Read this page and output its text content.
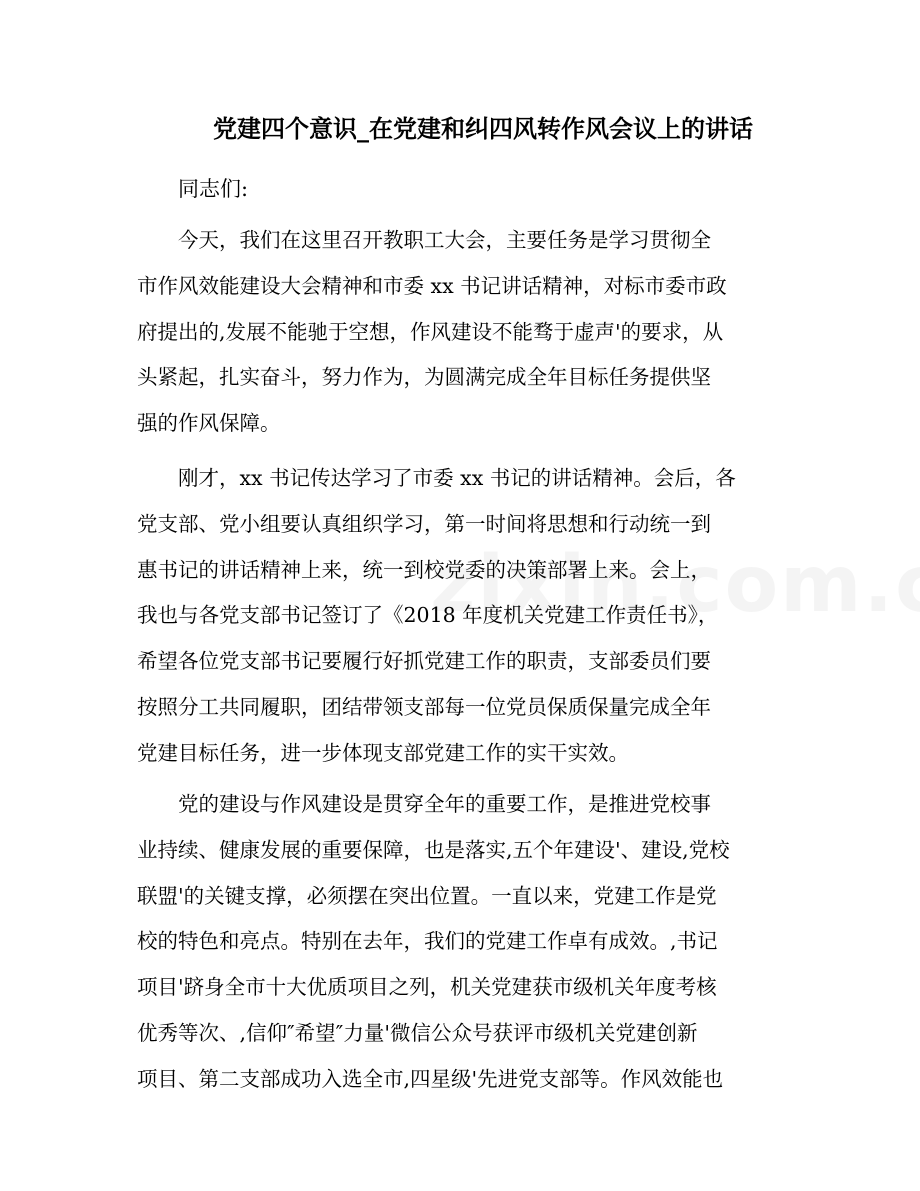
党建四个意识_在党建和纠四风转作风会议上的讲话

同志们:

今天，我们在这里召开教职工大会，主要任务是学习贯彻全
市作风效能建设大会精神和市委 xx 书记讲话精神，对标市委市政
府提出的,发展不能驰于空想，作风建设不能骛于虚声'的要求，从
头紧起，扎实奋斗，努力作为，为圆满完成全年目标任务提供坚
强的作风保障。
刚才，xx 书记传达学习了市委 xx 书记的讲话精神。会后，各
党支部、党小组要认真组织学习，第一时间将思想和行动统一到
惠书记的讲话精神上来，统一到校党委的决策部署上来。会上，
我也与各党支部书记签订了《2018 年度机关党建工作责任书》，
希望各位党支部书记要履行好抓党建工作的职责，支部委员们要
按照分工共同履职，团结带领支部每一位党员保质保量完成全年
党建目标任务，进一步体现支部党建工作的实干实效。
党的建设与作风建设是贯穿全年的重要工作，是推进党校事
业持续、健康发展的重要保障，也是落实,五个年建设'、建设,党校
联盟'的关键支撑，必须摆在突出位置。一直以来，党建工作是党
校的特色和亮点。特别在去年，我们的党建工作卓有成效。,书记
项目'跻身全市十大优质项目之列，机关党建获市级机关年度考核
优秀等次、,信仰″希望″力量'微信公众号获评市级机关党建创新
项目、第二支部成功入选全市,四星级'先进党支部等。作风效能也
